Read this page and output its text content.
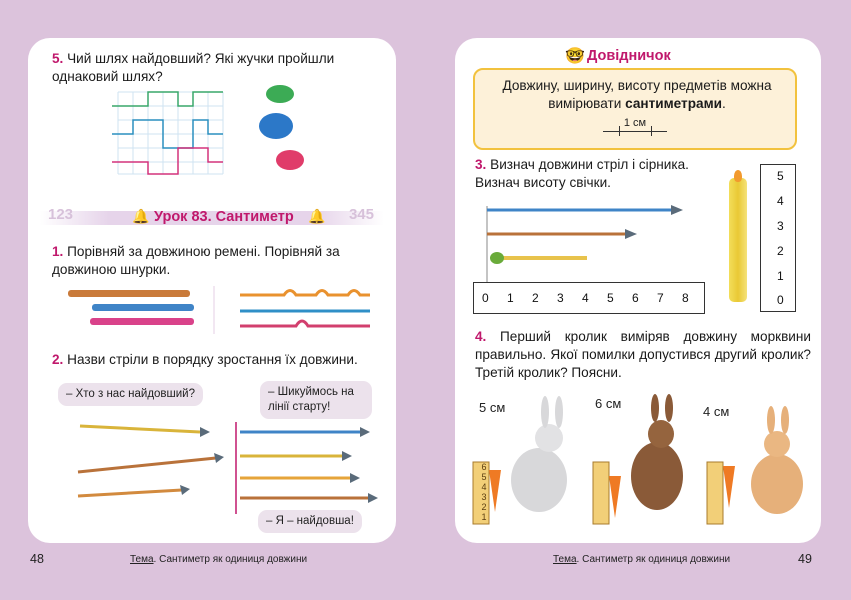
5. Чий шлях найдовший? Які жучки пройшли однаковий шлях?
123	🔔 Урок 83. Сантиметр 🔔 345
1. Порівняй за довжиною ремені. Порівняй за довжиною шнурки.
2. Назви стріли в порядку зростання їх довжини.
– Хто з нас найдовший?	– Шикуймось на лінії старту!
– Я – найдовша!
🤓 Довідничок
Довжину, ширину, висоту предметів можна вимірювати сантиметрами.
1 см
3. Визнач довжини стріл і сірника. Визнач висоту свічки.
0 1 2 3 4 5 6 7 8
5
4
3
2
1
0
4. Перший кролик виміряв довжину морквини правильно. Якої помилки допустився другий кролик? Третій кролик? Поясни.
5 см	6 см
4 см
6
5
4
3
2
1
48	Тема. Сантиметр як одиниця довжини	Тема. Сантиметр як одиниця довжини	49
